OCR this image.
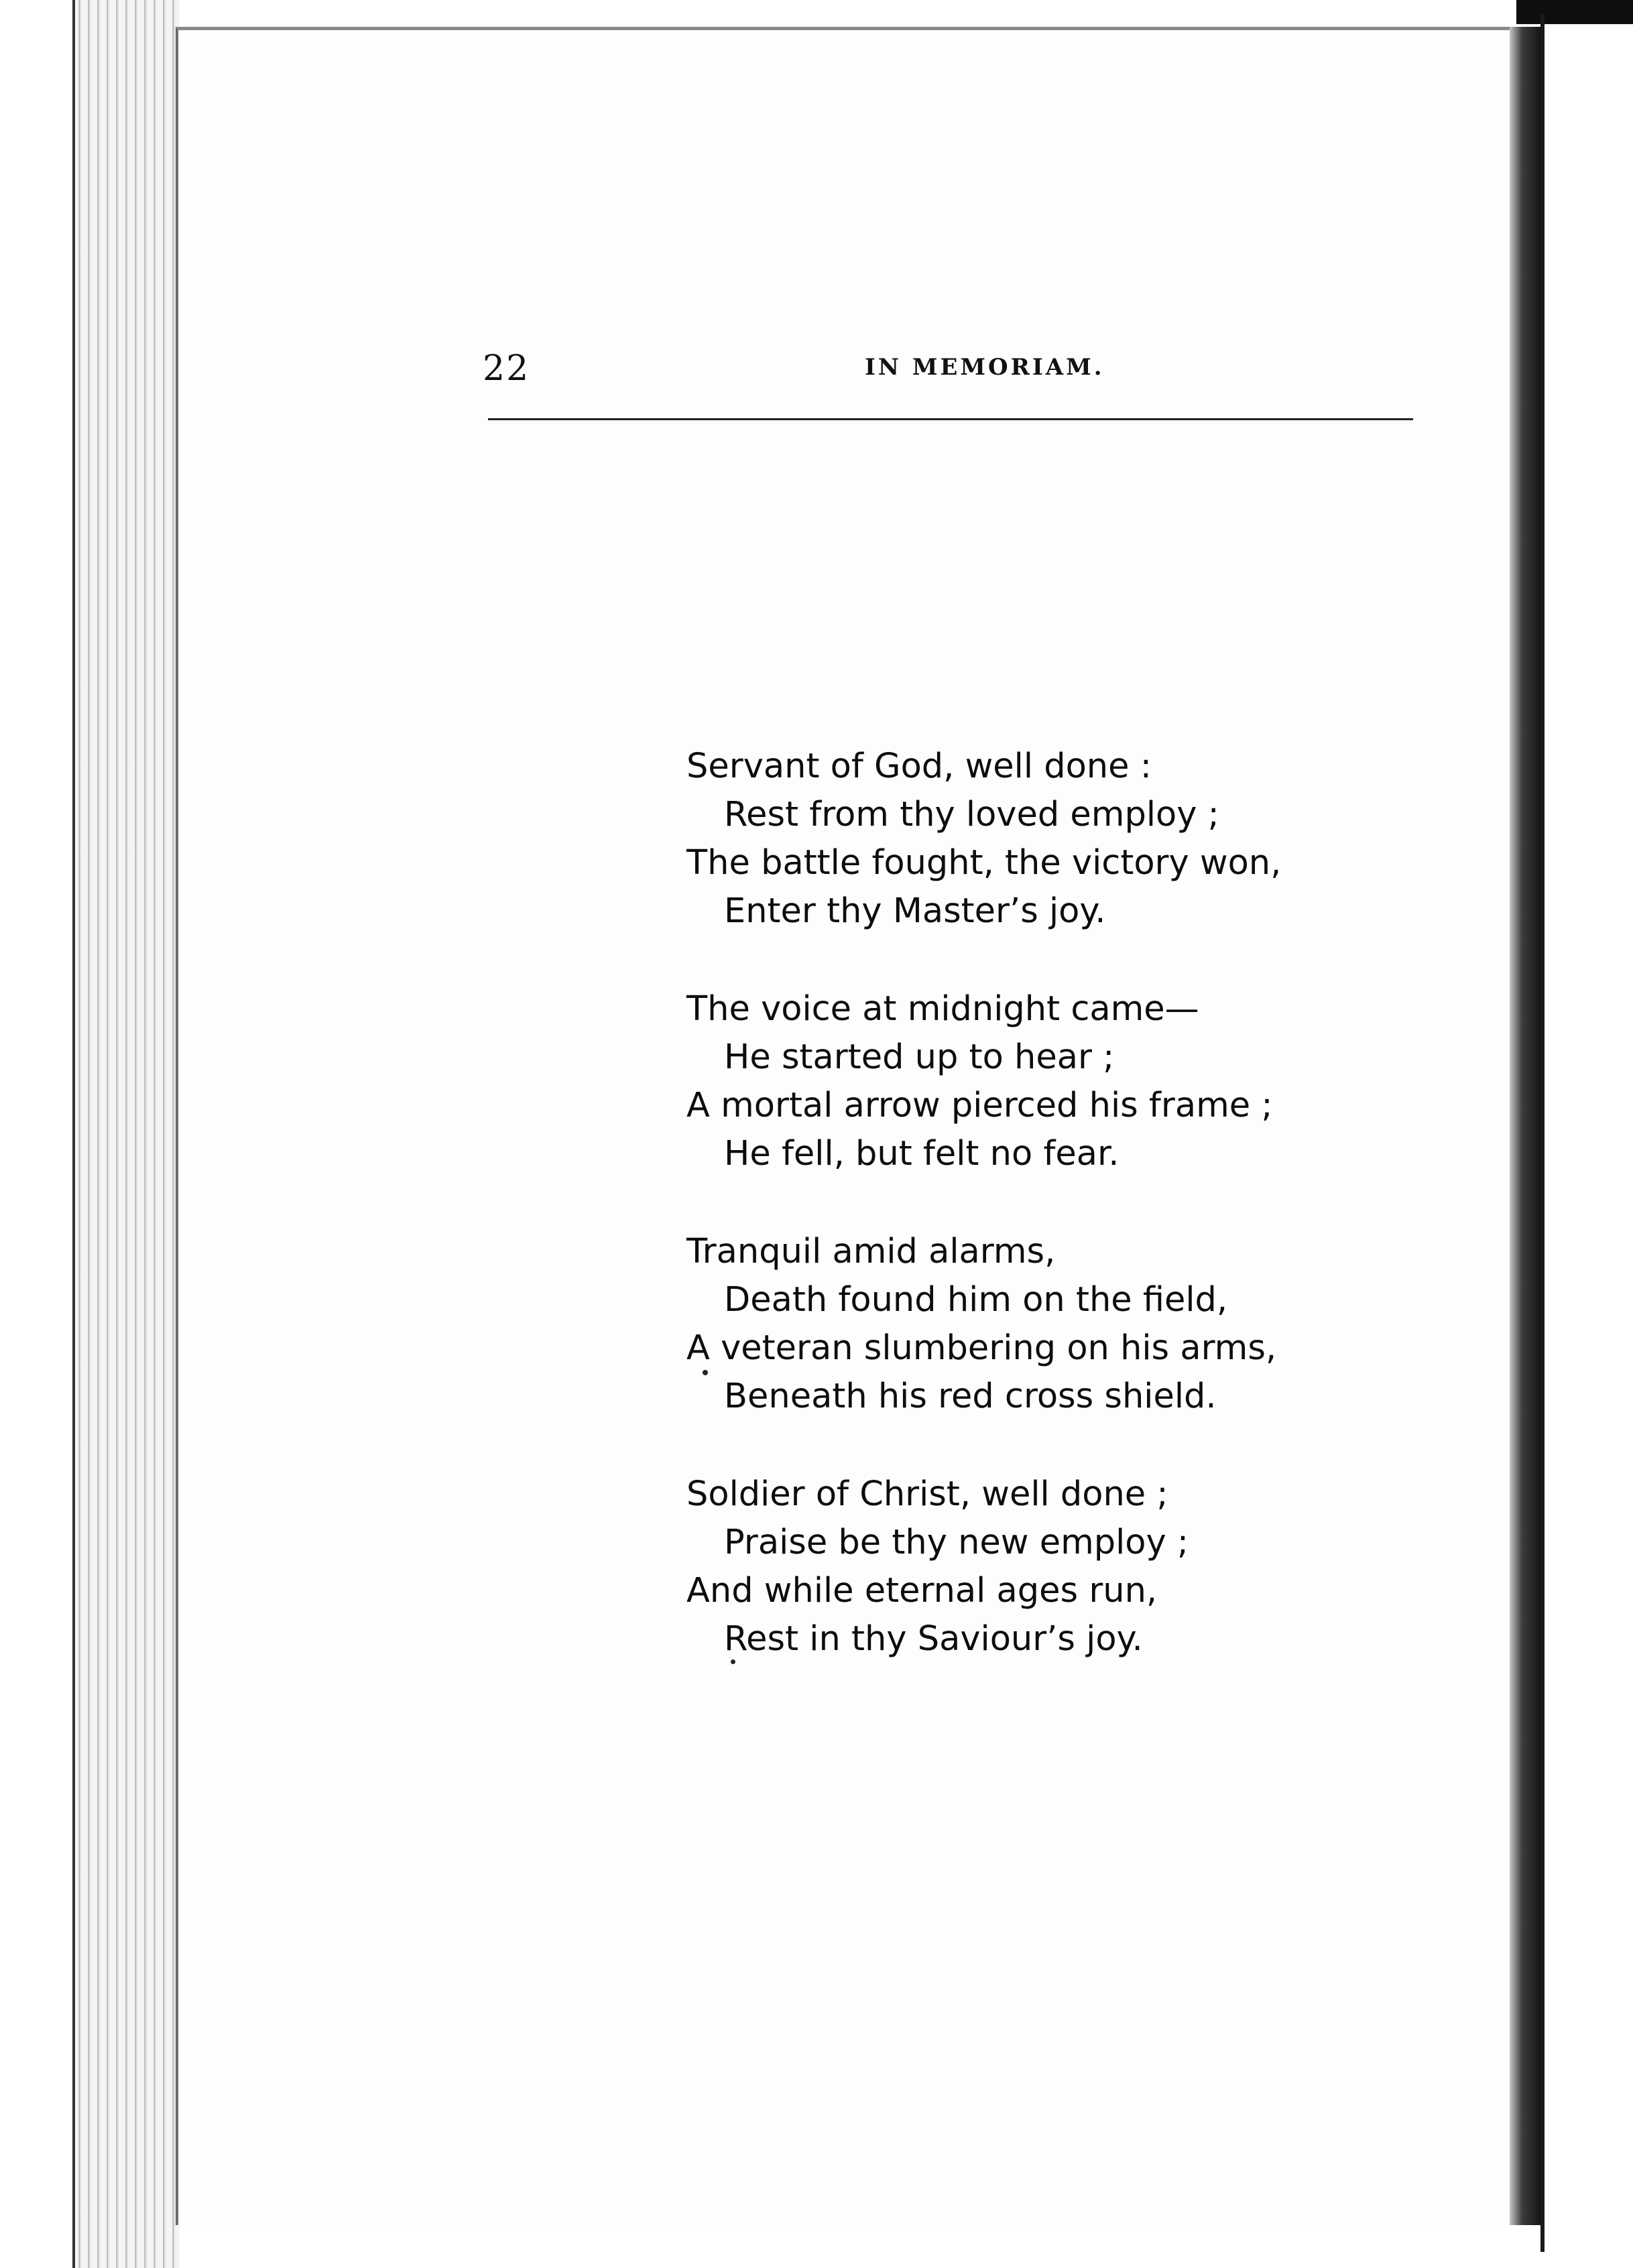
22	IN MEMORIAM.
Servant of God, well done :
Rest from thy loved employ ;
The battle fought, the victory won,
Enter thy Master’s joy.
The voice at midnight came—
He started up to hear ;
A mortal arrow pierced his frame ;
He fell, but felt no fear.
Tranquil amid alarms,
Death found him on the field,
A veteran slumbering on his arms,
Beneath his red cross shield.
Soldier of Christ, well done ;
Praise be thy new employ ;
And while eternal ages run,
Rest in thy Saviour’s joy.
